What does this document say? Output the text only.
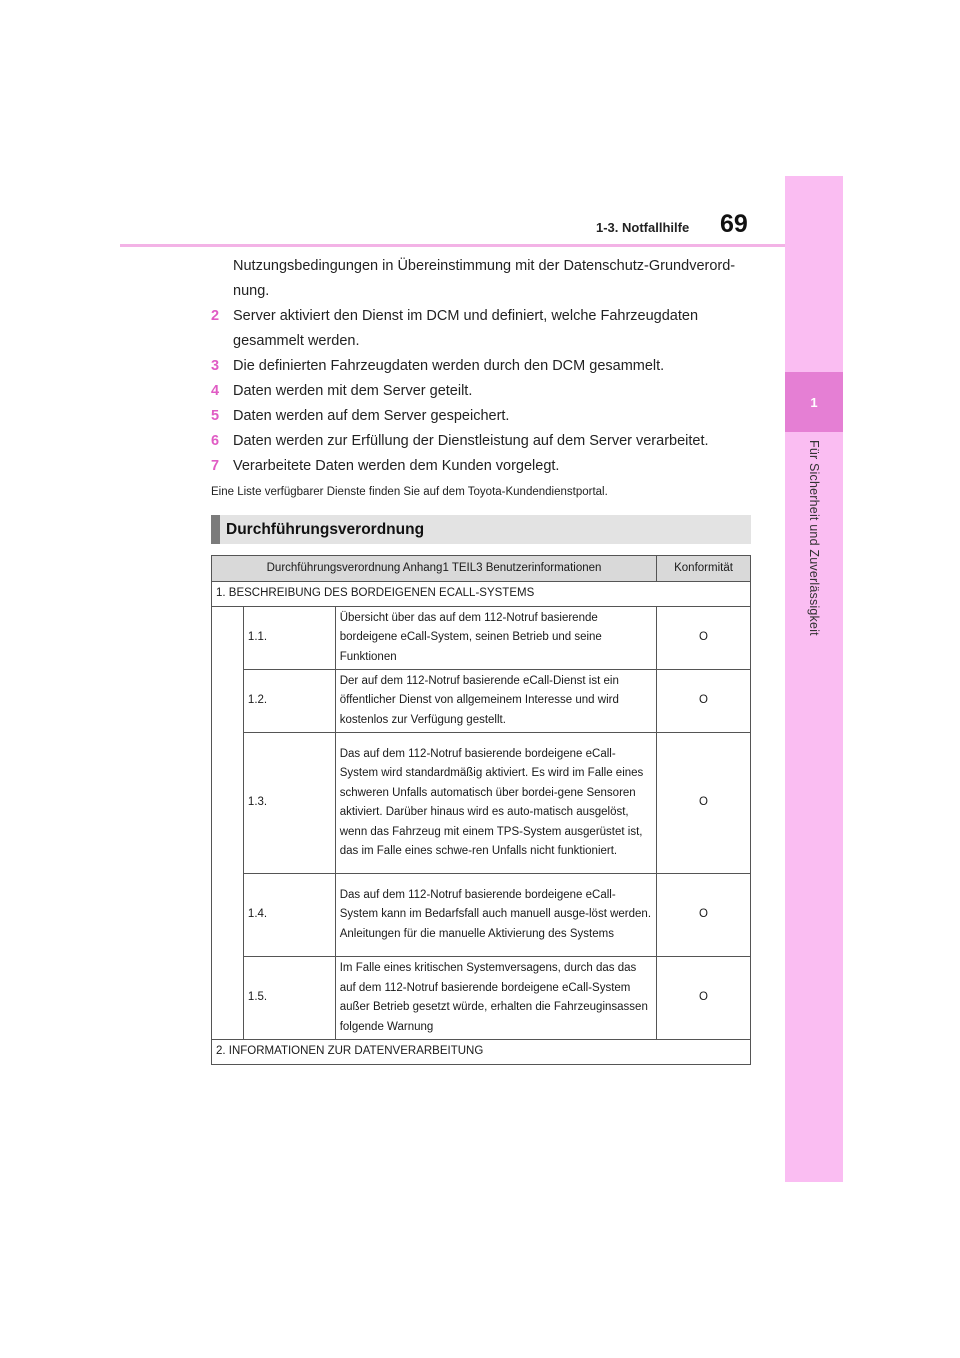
1
Für Sicherheit und Zuverlässigkeit
1-3. Notfallhilfe 69
Nutzungsbedingungen in Übereinstimmung mit der Datenschutz-Grundverord-nung.
2 Server aktiviert den Dienst im DCM und definiert, welche Fahrzeugdaten gesammelt werden.
3 Die definierten Fahrzeugdaten werden durch den DCM gesammelt.
4 Daten werden mit dem Server geteilt.
5 Daten werden auf dem Server gespeichert.
6 Daten werden zur Erfüllung der Dienstleistung auf dem Server verarbeitet.
7 Verarbeitete Daten werden dem Kunden vorgelegt.
Eine Liste verfügbarer Dienste finden Sie auf dem Toyota-Kundendienstportal.
Durchführungsverordnung
Durchführungsverordnung Anhang1 TEIL3 Benutzerinformationen			Konformität
1. BESCHREIBUNG DES BORDEIGENEN ECALL-SYSTEMS			
	1.1.	Übersicht über das auf dem 112-Notruf basierende bordeigene eCall-System, seinen Betrieb und seine Funktionen	O
	1.2.	Der auf dem 112-Notruf basierende eCall-Dienst ist ein öffentlicher Dienst von allgemeinem Interesse und wird kostenlos zur Verfügung gestellt.	O
	1.3.	Das auf dem 112-Notruf basierende bordeigene eCall-System wird standardmäßig aktiviert. Es wird im Falle eines schweren Unfalls automatisch über bordei-gene Sensoren aktiviert. Darüber hinaus wird es auto-matisch ausgelöst, wenn das Fahrzeug mit einem TPS-System ausgerüstet ist, das im Falle eines schwe-ren Unfalls nicht funktioniert.	O
	1.4.	Das auf dem 112-Notruf basierende bordeigene eCall-System kann im Bedarfsfall auch manuell ausge-löst werden. Anleitungen für die manuelle Aktivierung des Systems	O
	1.5.	Im Falle eines kritischen Systemversagens, durch das das auf dem 112-Notruf basierende bordeigene eCall-System außer Betrieb gesetzt würde, erhalten die Fahrzeuginsassen folgende Warnung	O
2. INFORMATIONEN ZUR DATENVERARBEITUNG			
